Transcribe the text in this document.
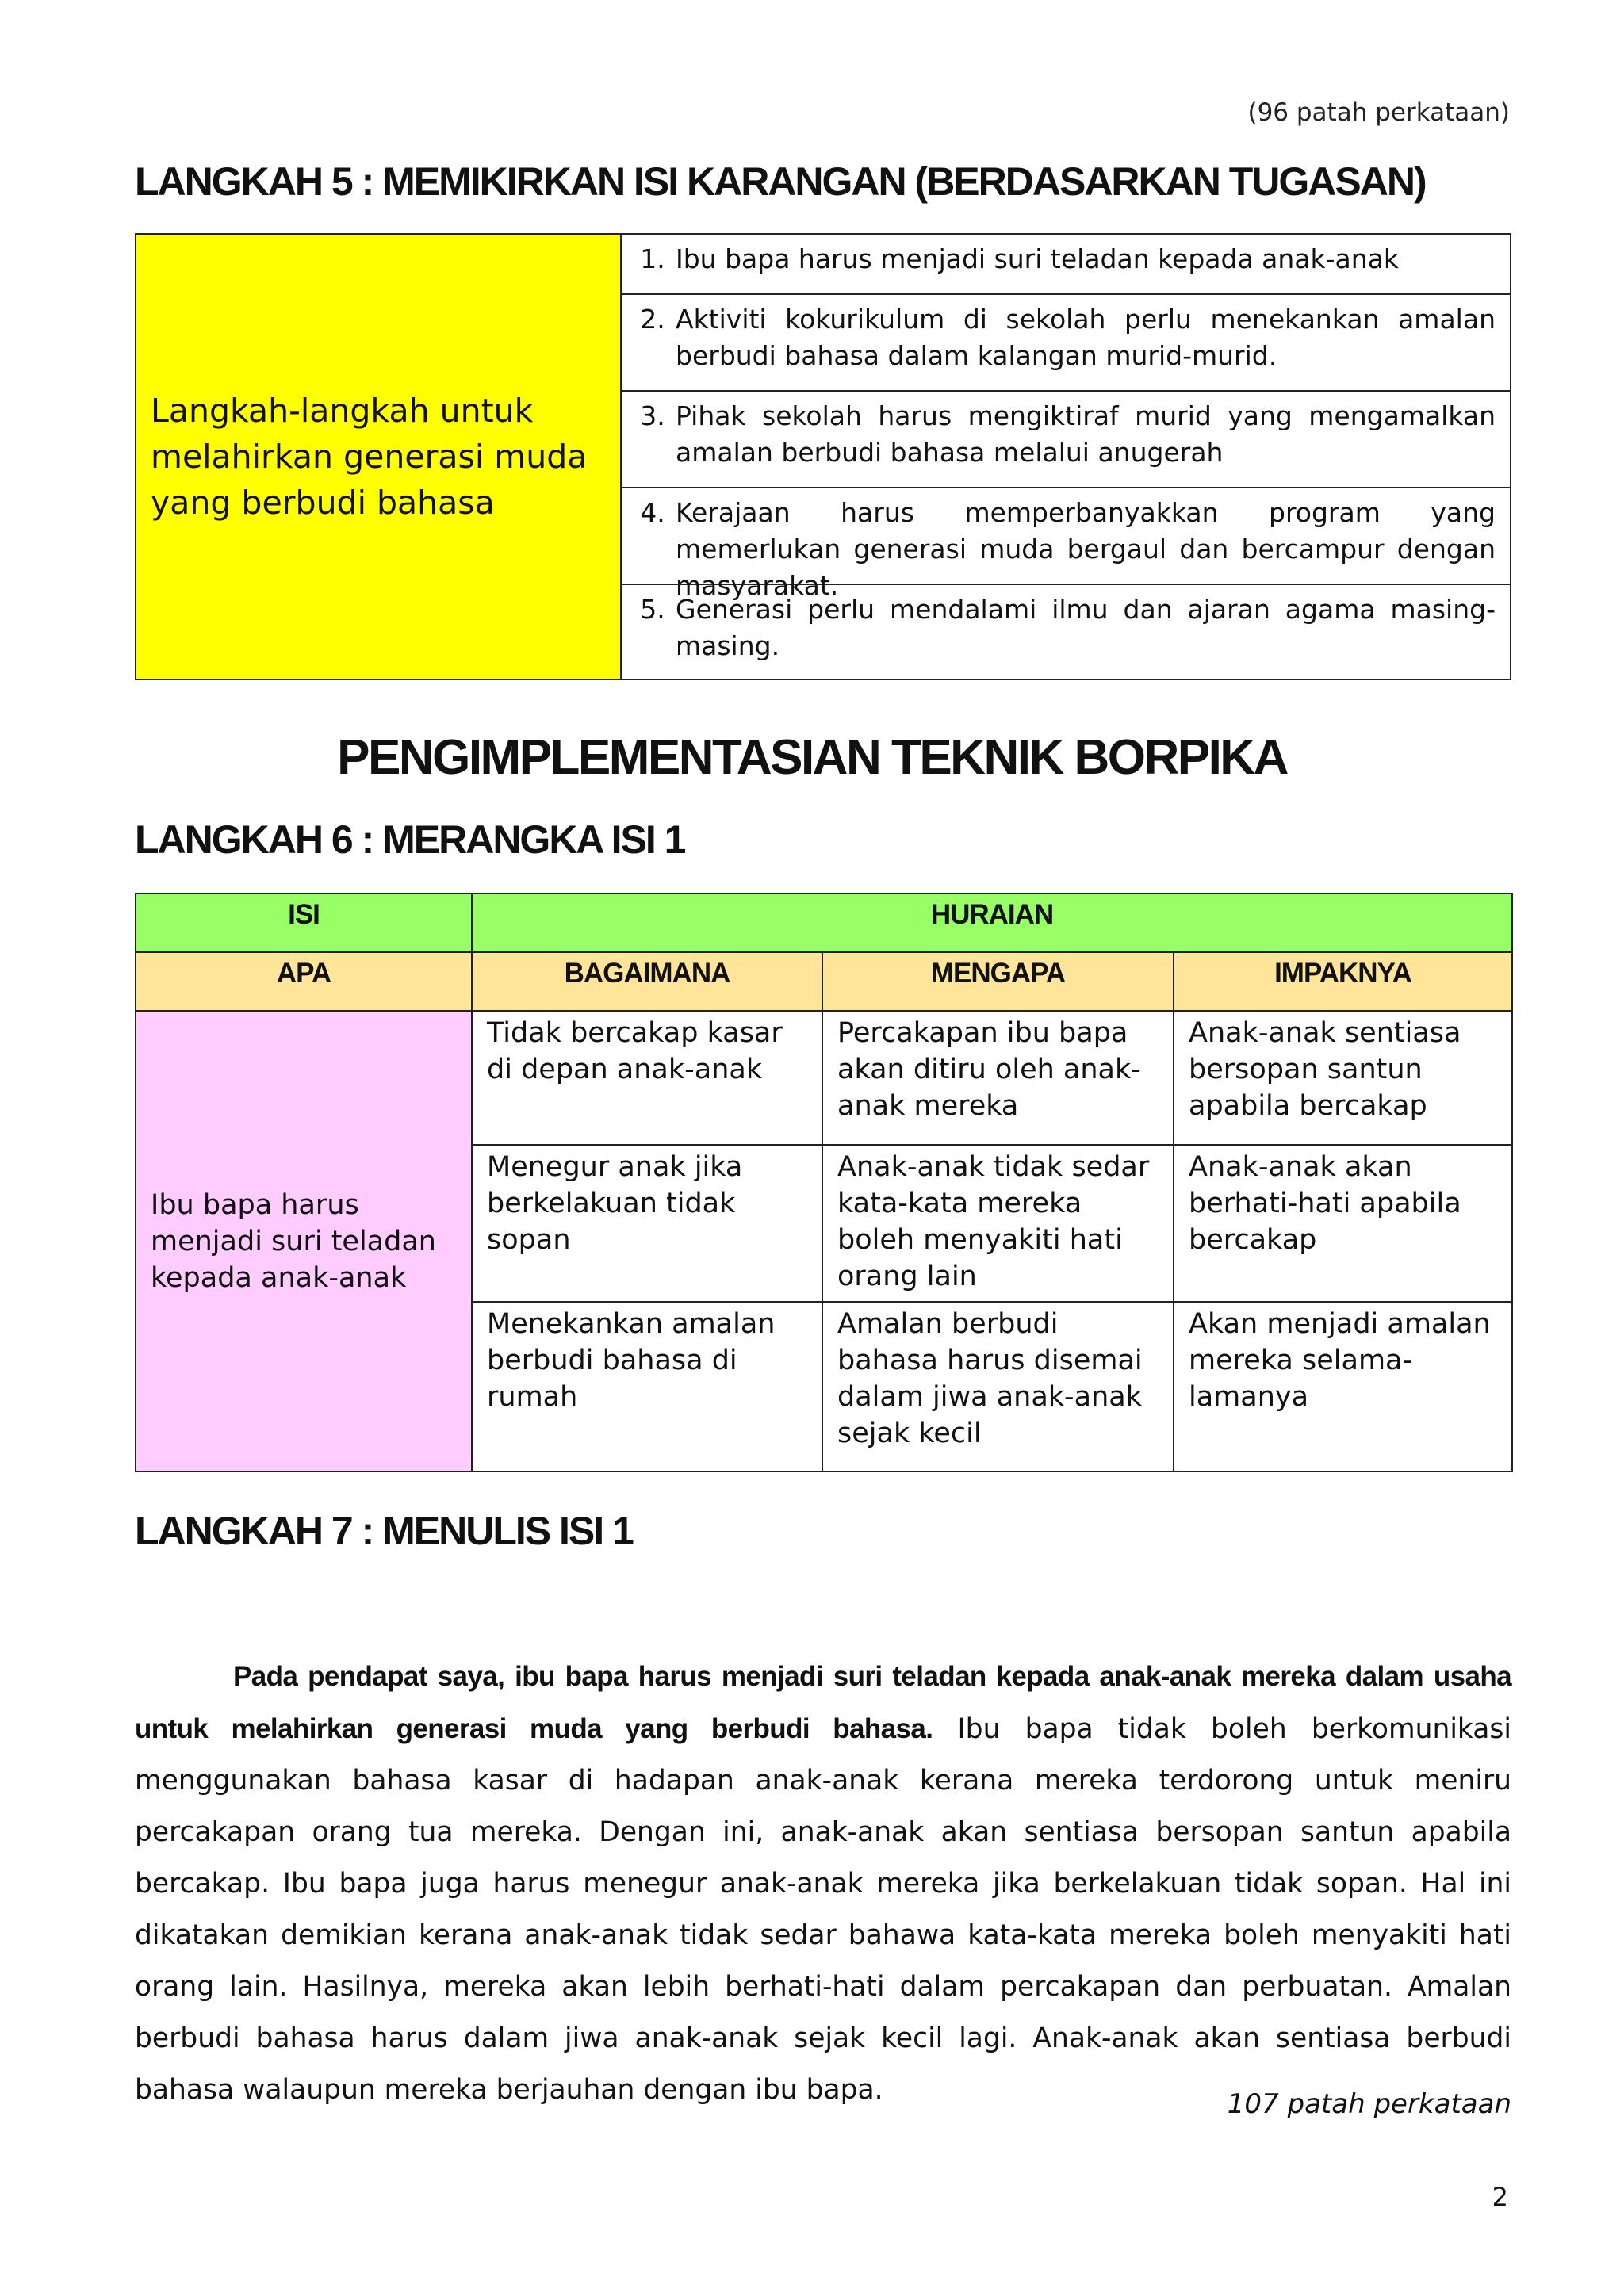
(96 patah perkataan)
LANGKAH 5 : MEMIKIRKAN ISI KARANGAN (BERDASARKAN TUGASAN)
Langkah-langkah untuk melahirkan generasi muda yang berbudi bahasa
1. Ibu bapa harus menjadi suri teladan kepada anak-anak
2. Aktiviti kokurikulum di sekolah perlu menekankan amalan berbudi bahasa dalam kalangan murid-murid.
3. Pihak sekolah harus mengiktiraf murid yang mengamalkan amalan berbudi bahasa melalui anugerah
4. Kerajaan harus memperbanyakkan program yang memerlukan generasi muda bergaul dan bercampur dengan masyarakat.
5. Generasi perlu mendalami ilmu dan ajaran agama masing-masing.
PENGIMPLEMENTASIAN TEKNIK BORPIKA
LANGKAH 6 : MERANGKA ISI 1
ISI	HURAIAN		
APA	BAGAIMANA	MENGAPA	IMPAKNYA
Ibu bapa harus menjadi suri teladan kepada anak-anak	Tidak bercakap kasar di depan anak-anak	Percakapan ibu bapa akan ditiru oleh anak-anak mereka	Anak-anak sentiasa bersopan santun apabila bercakap
	Menegur anak jika berkelakuan tidak sopan	Anak-anak tidak sedar kata-kata mereka boleh menyakiti hati orang lain	Anak-anak akan berhati-hati apabila bercakap
	Menekankan amalan berbudi bahasa di rumah	Amalan berbudi bahasa harus disemai dalam jiwa anak-anak sejak kecil	Akan menjadi amalan mereka selama-lamanya
LANGKAH 7 : MENULIS ISI 1
Pada pendapat saya, ibu bapa harus menjadi suri teladan kepada anak-anak mereka dalam usaha untuk melahirkan generasi muda yang berbudi bahasa. Ibu bapa tidak boleh berkomunikasi menggunakan bahasa kasar di hadapan anak-anak kerana mereka terdorong untuk meniru percakapan orang tua mereka. Dengan ini, anak-anak akan sentiasa bersopan santun apabila bercakap. Ibu bapa juga harus menegur anak-anak mereka jika berkelakuan tidak sopan. Hal ini dikatakan demikian kerana anak-anak tidak sedar bahawa kata-kata mereka boleh menyakiti hati orang lain. Hasilnya, mereka akan lebih berhati-hati dalam percakapan dan perbuatan. Amalan berbudi bahasa harus dalam jiwa anak-anak sejak kecil lagi. Anak-anak akan sentiasa berbudi bahasa walaupun mereka berjauhan dengan ibu bapa.	107 patah perkataan
2
